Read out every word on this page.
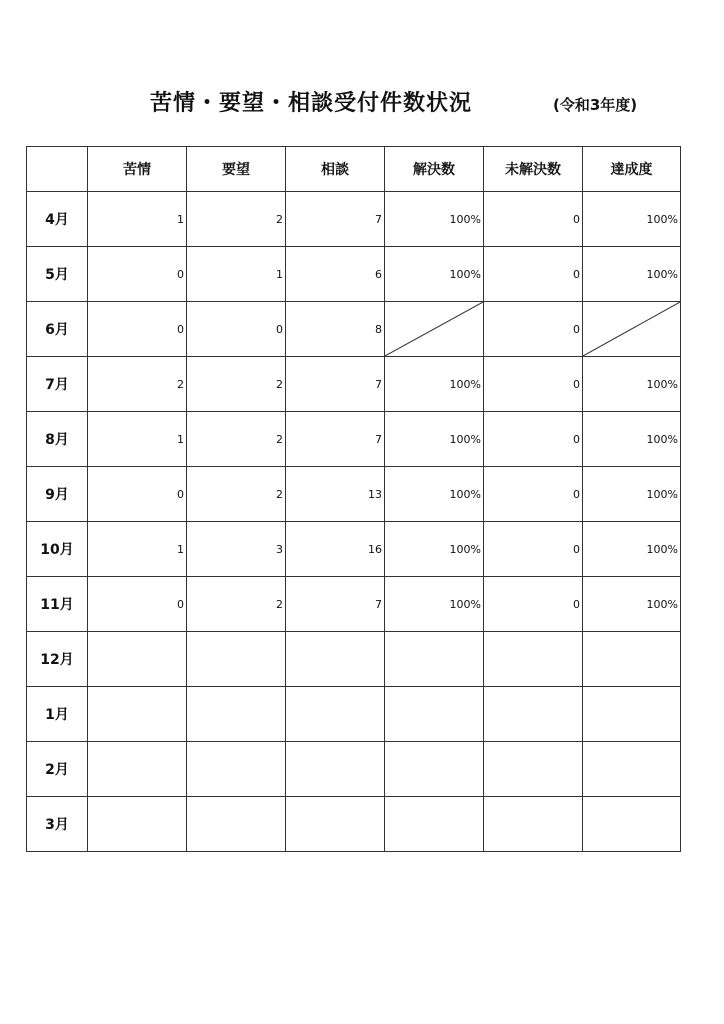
苦情・要望・相談受付件数状況	(令和3年度)
	苦情	要望	相談	解決数	未解決数	達成度
4月	1	2	7	100%	0	100%
5月	0	1	6	100%	0	100%
6月	0	0	8		0	

7月	2	2	7	100%	0	100%
8月	1	2	7	100%	0	100%
9月	0	2	13	100%	0	100%
10月	1	3	16	100%	0	100%
11月	0	2	7	100%	0	100%
12月						
1月						
2月						
3月						
